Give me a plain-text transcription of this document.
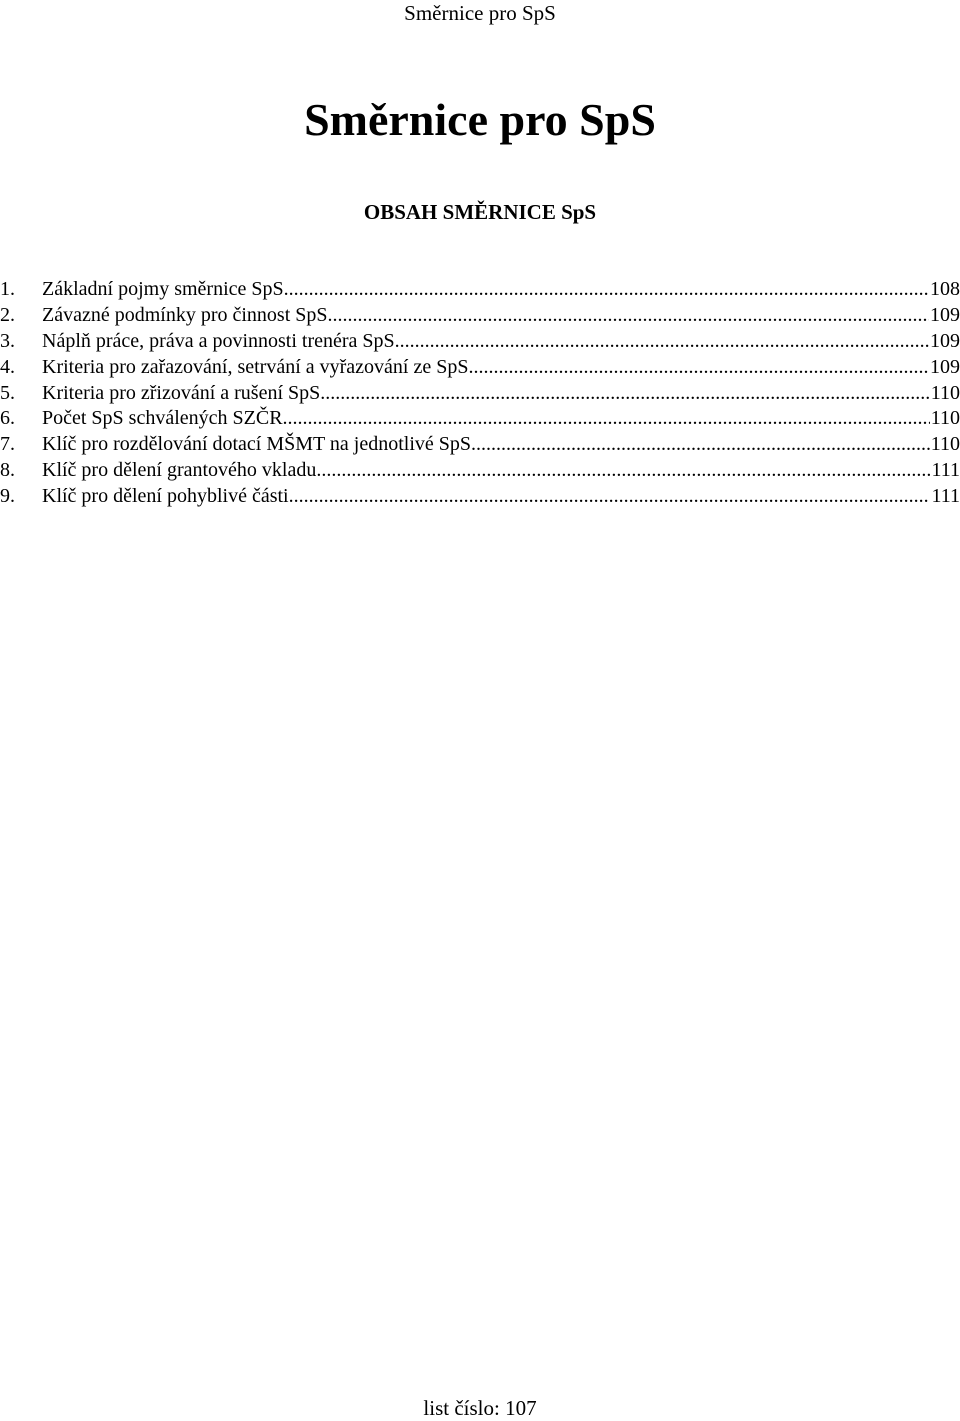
Směrnice pro SpS
Směrnice pro SpS
OBSAH SMĚRNICE SpS
1.	Základní pojmy směrnice SpS .....	108
2.	Závazné podmínky pro činnost SpS .....	109
3.	Náplň práce, práva a povinnosti trenéra SpS .....	109
4.	Kriteria pro zařazování, setrvání a vyřazování ze SpS .....	109
5.	Kriteria pro zřizování a rušení SpS .....	110
6.	Počet SpS schválených SZČR .....	110
7.	Klíč pro rozdělování dotací MŠMT na jednotlivé SpS .....	110
8.	Klíč pro dělení grantového vkladu .....	111
9.	Klíč pro dělení pohyblivé části .....	111
list číslo: 107
